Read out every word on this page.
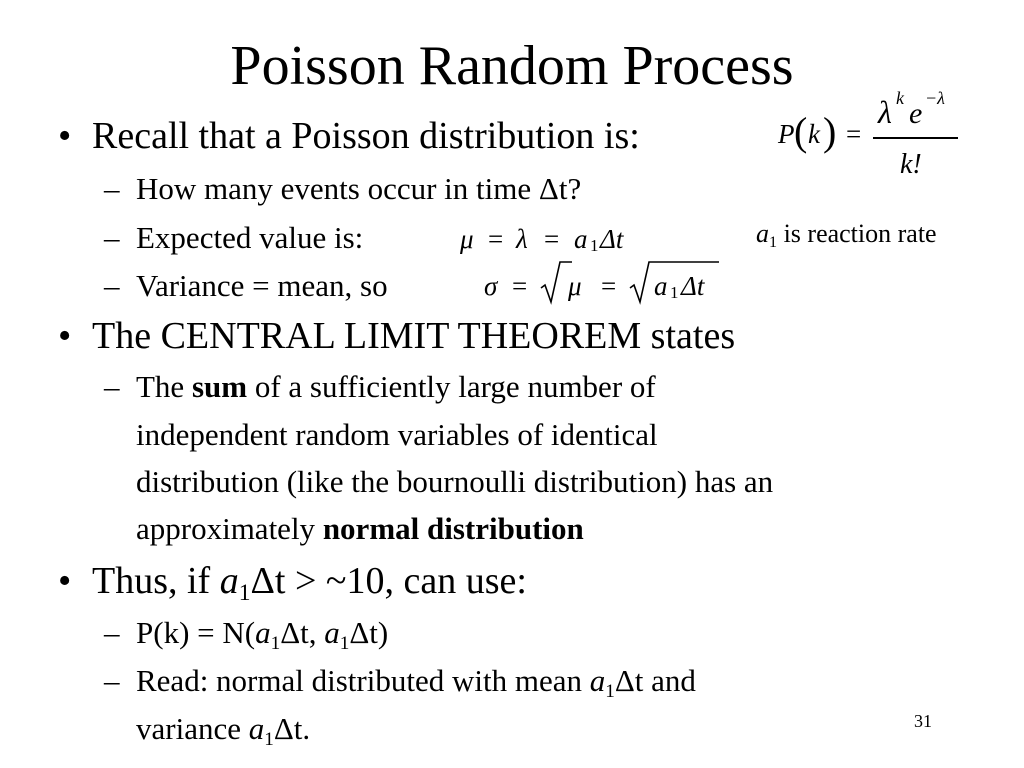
Poisson Random Process
• Recall that a Poisson distribution is:	P ( k ) =
λ k e −λ
k!
– How many events occur in time Δt?
– Expected value is:	μ = λ = a 1 Δt	$a_1$ is reaction rate
– Variance = mean, so	σ = μ = a 1 Δt
• The CENTRAL LIMIT THEOREM states
– The sum of a sufficiently large number of
independent random variables of identical
distribution (like the bournoulli distribution) has an
approximately normal distribution
• Thus, if $a_1\Delta t$ > ~10, can use:
– $P(k) = N(a_1\Delta t$, $a_1\Delta t$)
– Read: normal distributed with mean $a_1\Delta t$ and
variance $a_1\Delta t$.	31
